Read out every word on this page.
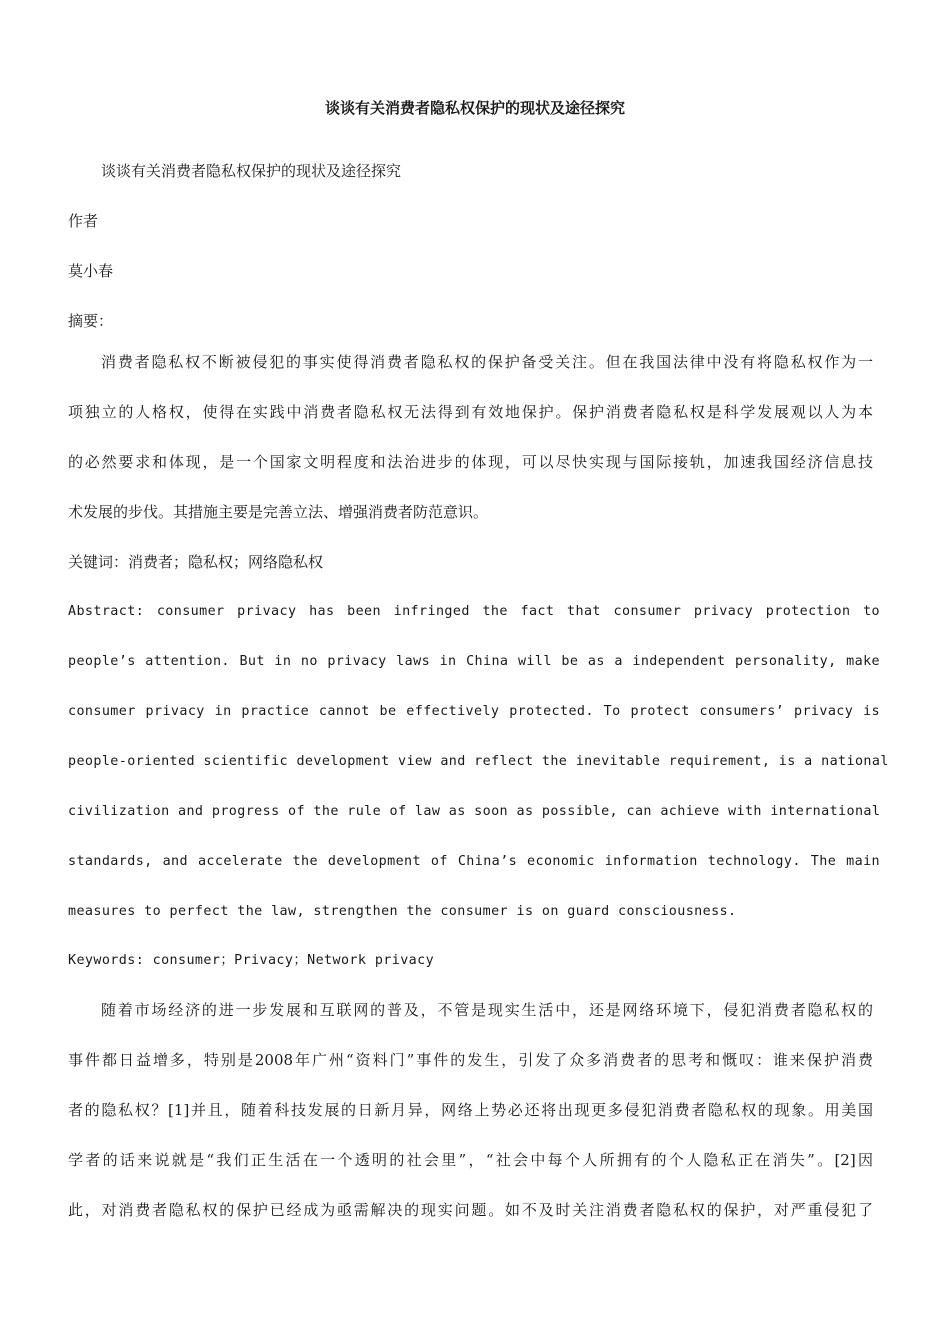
谈谈有关消费者隐私权保护的现状及途径探究
谈谈有关消费者隐私权保护的现状及途径探究
作者
莫小春
摘要：
消费者隐私权不断被侵犯的事实使得消费者隐私权的保护备受关注。但在我国法律中没有将隐私权作为一
项独立的人格权，使得在实践中消费者隐私权无法得到有效地保护。保护消费者隐私权是科学发展观以人为本
的必然要求和体现，是一个国家文明程度和法治进步的体现，可以尽快实现与国际接轨，加速我国经济信息技
术发展的步伐。其措施主要是完善立法、增强消费者防范意识。
关键词：消费者；隐私权；网络隐私权
Abstract: consumer privacy has been infringed the fact that consumer privacy protection to
people’s attention. But in no privacy laws in China will be as a independent personality, make
consumer privacy in practice cannot be effectively protected. To protect consumers’ privacy is
people-oriented scientific development view and reflect the inevitable requirement, is a national
civilization and progress of the rule of law as soon as possible, can achieve with international
standards, and accelerate the development of China’s economic information technology. The main
measures to perfect the law, strengthen the consumer is on guard consciousness.
Keywords: consumer；Privacy；Network privacy
随着市场经济的进一步发展和互联网的普及，不管是现实生活中，还是网络环境下，侵犯消费者隐私权的
事件都日益增多，特别是2008年广州“资料门”事件的发生，引发了众多消费者的思考和慨叹：谁来保护消费
者的隐私权？[1]并且，随着科技发展的日新月异，网络上势必还将出现更多侵犯消费者隐私权的现象。用美国
学者的话来说就是“我们正生活在一个透明的社会里”，“社会中每个人所拥有的个人隐私正在消失”。[2]因
此，对消费者隐私权的保护已经成为亟需解决的现实问题。如不及时关注消费者隐私权的保护，对严重侵犯了
